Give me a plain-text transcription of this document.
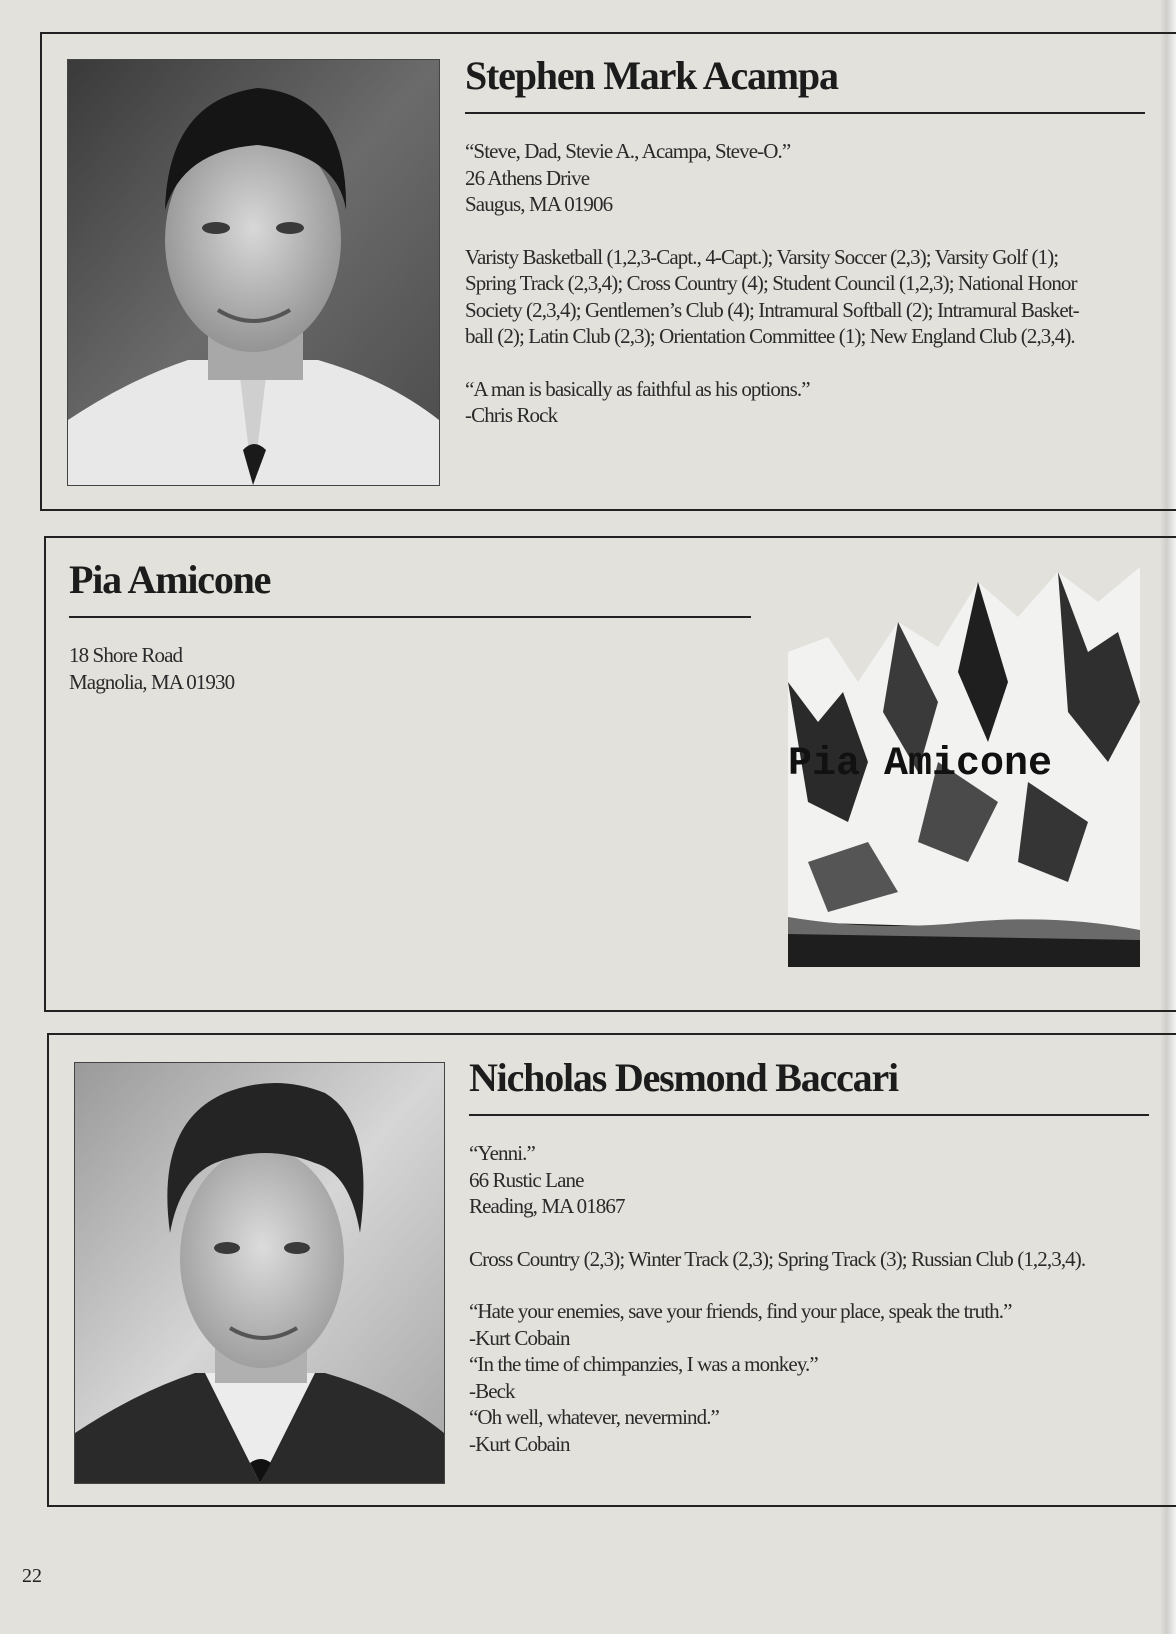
Stephen Mark Acampa
“Steve, Dad, Stevie A., Acampa, Steve-O.”
26 Athens Drive
Saugus, MA 01906
Varisty Basketball (1,2,3-Capt., 4-Capt.); Varsity Soccer (2,3); Varsity Golf (1);
Spring Track (2,3,4); Cross Country (4); Student Council (1,2,3); National Honor
Society (2,3,4); Gentlemen’s Club (4); Intramural Softball (2); Intramural Basket-
ball (2); Latin Club (2,3); Orientation Committee (1); New England Club (2,3,4).
“A man is basically as faithful as his options.”
-Chris Rock
Pia Amicone
18 Shore Road
Magnolia, MA 01930
Pia Amicone
Nicholas Desmond Baccari
“Yenni.”
66 Rustic Lane
Reading, MA 01867
Cross Country (2,3); Winter Track (2,3); Spring Track (3); Russian Club (1,2,3,4).
“Hate your enemies, save your friends, find your place, speak the truth.”
-Kurt Cobain
“In the time of chimpanzies, I was a monkey.”
-Beck
“Oh well, whatever, nevermind.”
-Kurt Cobain
22
